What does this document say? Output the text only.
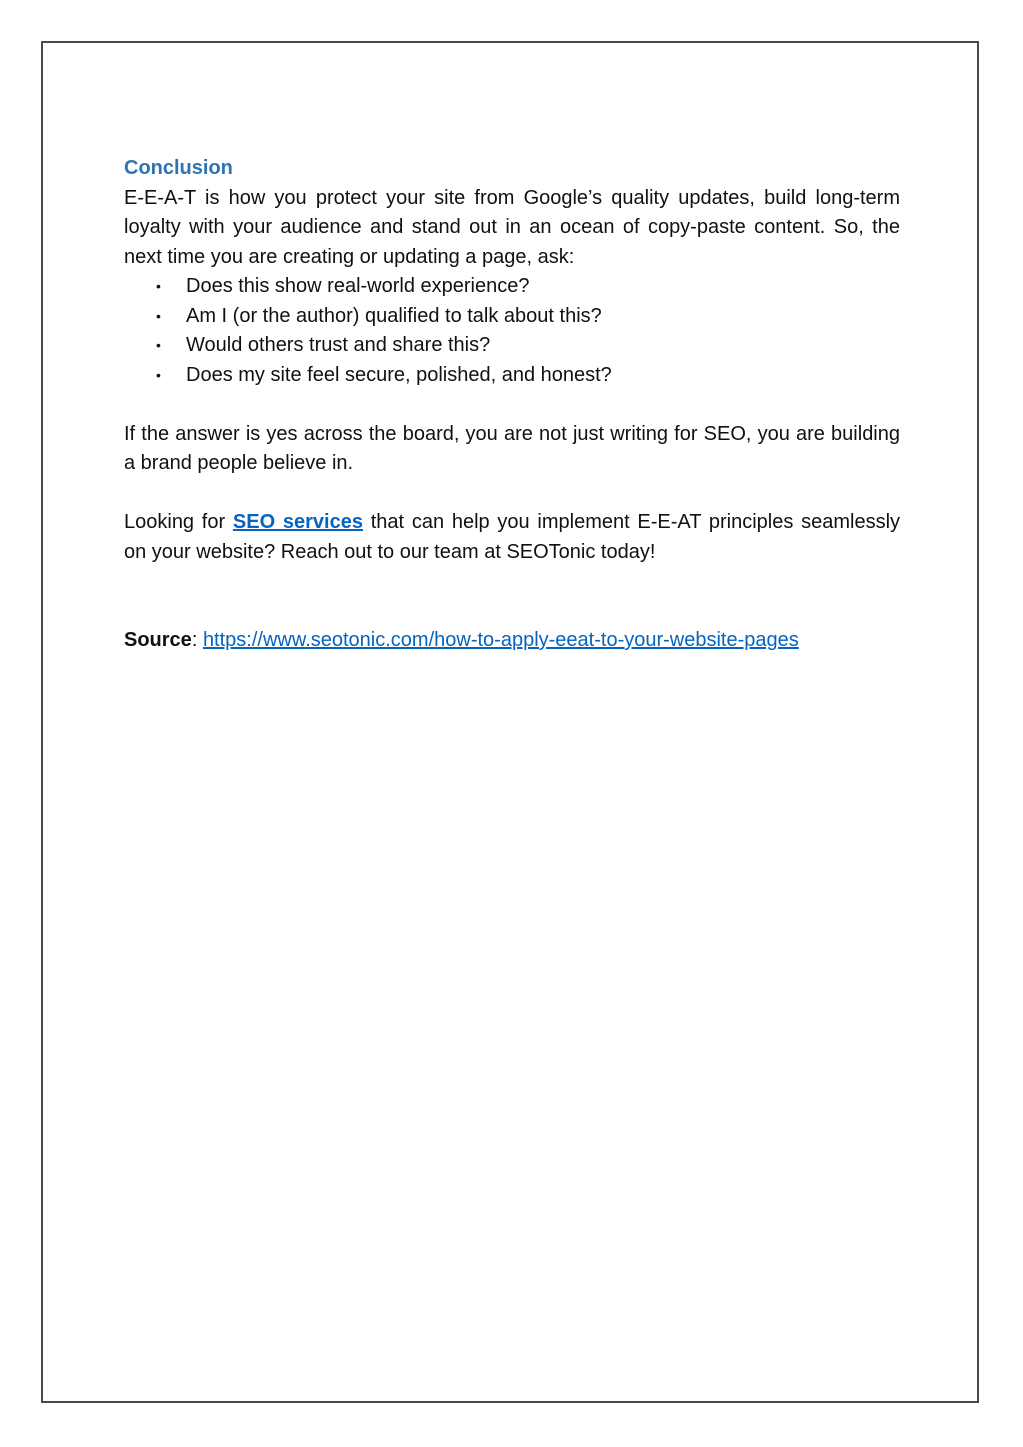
Conclusion

E-E-A-T is how you protect your site from Google’s quality updates, build long-term loyalty with your audience and stand out in an ocean of copy-paste content. So, the next time you are creating or updating a page, ask:

• Does this show real-world experience?
• Am I (or the author) qualified to talk about this?
• Would others trust and share this?
• Does my site feel secure, polished, and honest?

If the answer is yes across the board, you are not just writing for SEO, you are building a brand people believe in.

Looking for SEO services that can help you implement E-E-AT principles seamlessly on your website? Reach out to our team at SEOTonic today!

Source: https://www.seotonic.com/how-to-apply-eeat-to-your-website-pages
